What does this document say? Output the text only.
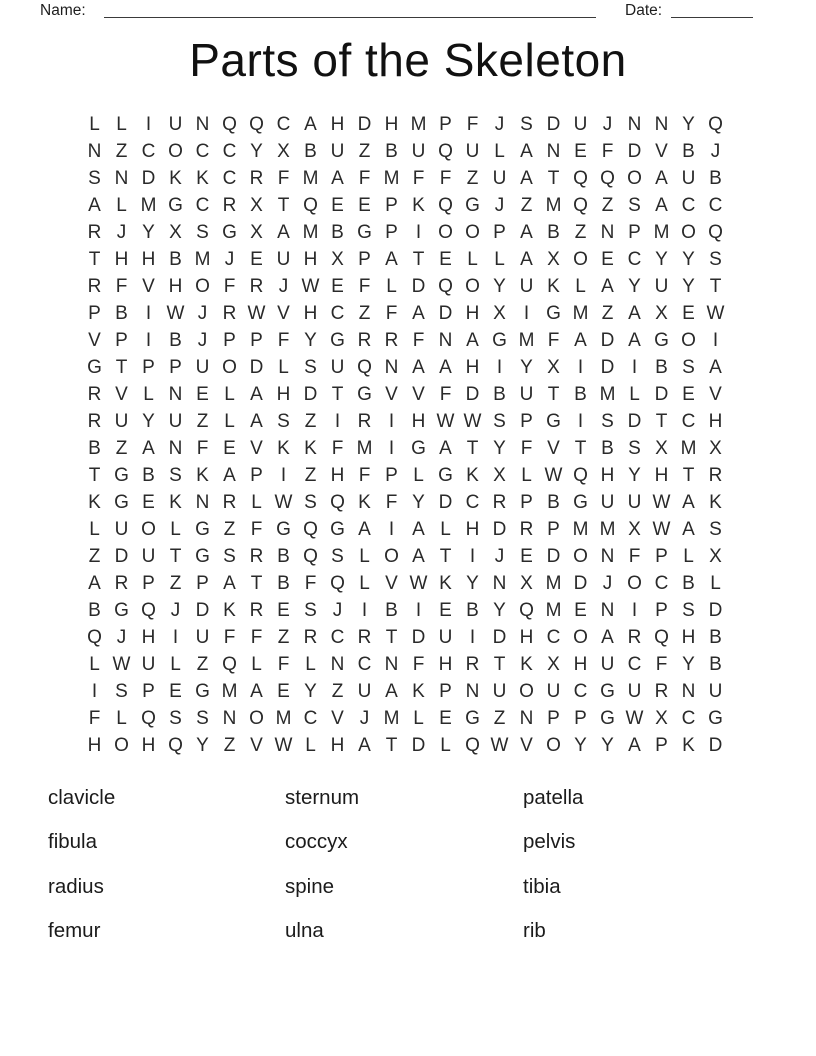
Name:	Date:
Parts of the Skeleton
L L	I U N Q Q C A H D H M P F J S D U J N N Y Q
N Z C O C C Y X B U Z B U Q U L A N E F D V B J
S N D K K C R F M A F M F F Z U A T Q Q O A U B
A L M G C R X T Q E E P K Q G J Z M Q Z S A C C
R J Y X S G X A M B G P I O O P A B Z N P M O Q
T H H B M J E U H X P A T E L L A X O E C Y Y S
R F V H O F R J W E F L D Q O Y U K L A Y U Y T
P B I W J R W V H C Z F A D H X I G M Z A X E W
V P I B J P P F Y G R R F N A G M F A D A G O I
G T P P U O D L S U Q N A A H I Y X I D I B S A
R V L N E L A H D T G V V F D B U T B M L D E V
R U Y U Z L A S Z I R I H W W S P G I S D T C H
B Z A N F E V K K F M I G A T Y F V T B S X M X
T G B S K A P I Z H F P L G K X L W Q H Y H T R
K G E K N R L W S Q K F Y D C R P B G U U W A K
L U O L G Z F G Q G A I A L H D R P M M X W A S
Z D U T G S R B Q S L O A T I	J E D O N F P L X
A R P Z P A T B F Q L V W K Y N X M D J O C B L
B G Q J D K R E S J	I B I E B Y Q M E N I P S D
Q J H I U F F Z R C R T D U I D H C O A R Q H B
L W U L Z Q L F L N C N F H R T K X H U C F Y B
I S P E G M A E Y Z U A K P N U O U C G U R N U
F L Q S S N O M C V J M L E G Z N P P G W X C G
H O H Q Y Z V W L H A T D L Q W V O Y Y A P K D
clavicle
fibula
radius
femur
sternum
coccyx
spine
ulna
patella
pelvis
tibia
rib
